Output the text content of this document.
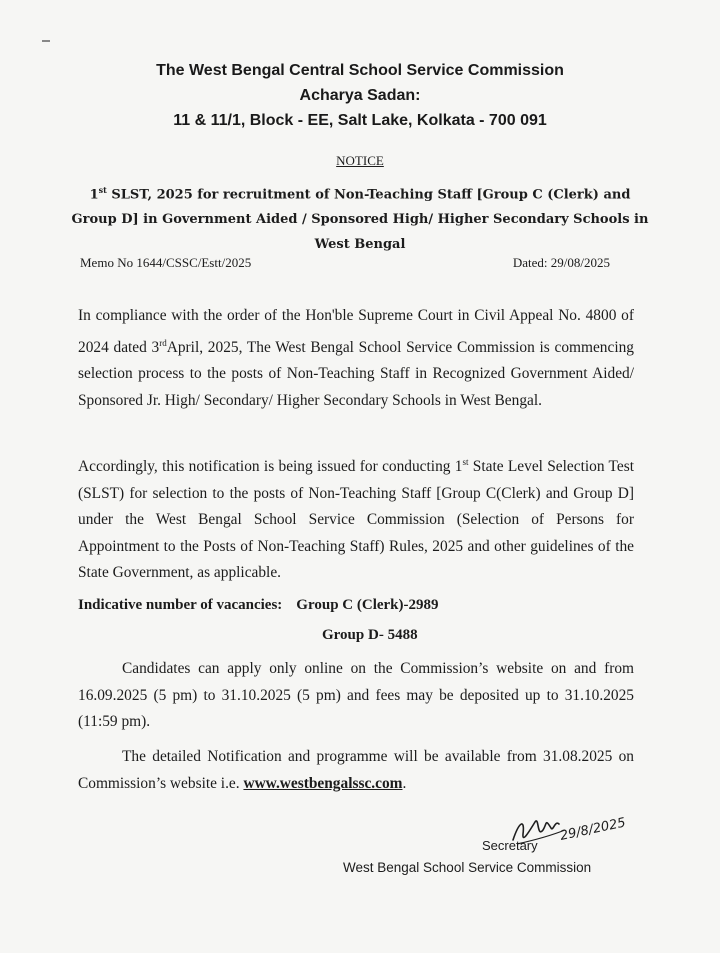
The West Bengal Central School Service Commission
Acharya Sadan:
11 & 11/1, Block - EE, Salt Lake, Kolkata - 700 091
NOTICE
1st SLST, 2025 for recruitment of Non-Teaching Staff [Group C (Clerk) and Group D] in Government Aided / Sponsored High/ Higher Secondary Schools in West Bengal
Memo No 1644/CSSC/Estt/2025	Dated: 29/08/2025
In compliance with the order of the Hon'ble Supreme Court in Civil Appeal No. 4800 of 2024 dated 3rdApril, 2025, The West Bengal School Service Commission is commencing selection process to the posts of Non-Teaching Staff in Recognized Government Aided/ Sponsored Jr. High/ Secondary/ Higher Secondary Schools in West Bengal.
Accordingly, this notification is being issued for conducting 1st State Level Selection Test (SLST) for selection to the posts of Non-Teaching Staff [Group C(Clerk) and Group D] under the West Bengal School Service Commission (Selection of Persons for Appointment to the Posts of Non-Teaching Staff) Rules, 2025 and other guidelines of the State Government, as applicable.
Indicative number of vacancies: Group C (Clerk)-2989
Group D- 5488
Candidates can apply only online on the Commission’s website on and from 16.09.2025 (5 pm) to 31.10.2025 (5 pm) and fees may be deposited up to 31.10.2025 (11:59 pm).
The detailed Notification and programme will be available from 31.08.2025 on Commission’s website i.e. www.westbengalssc.com.
29/8/2025
Secretary
West Bengal School Service Commission
